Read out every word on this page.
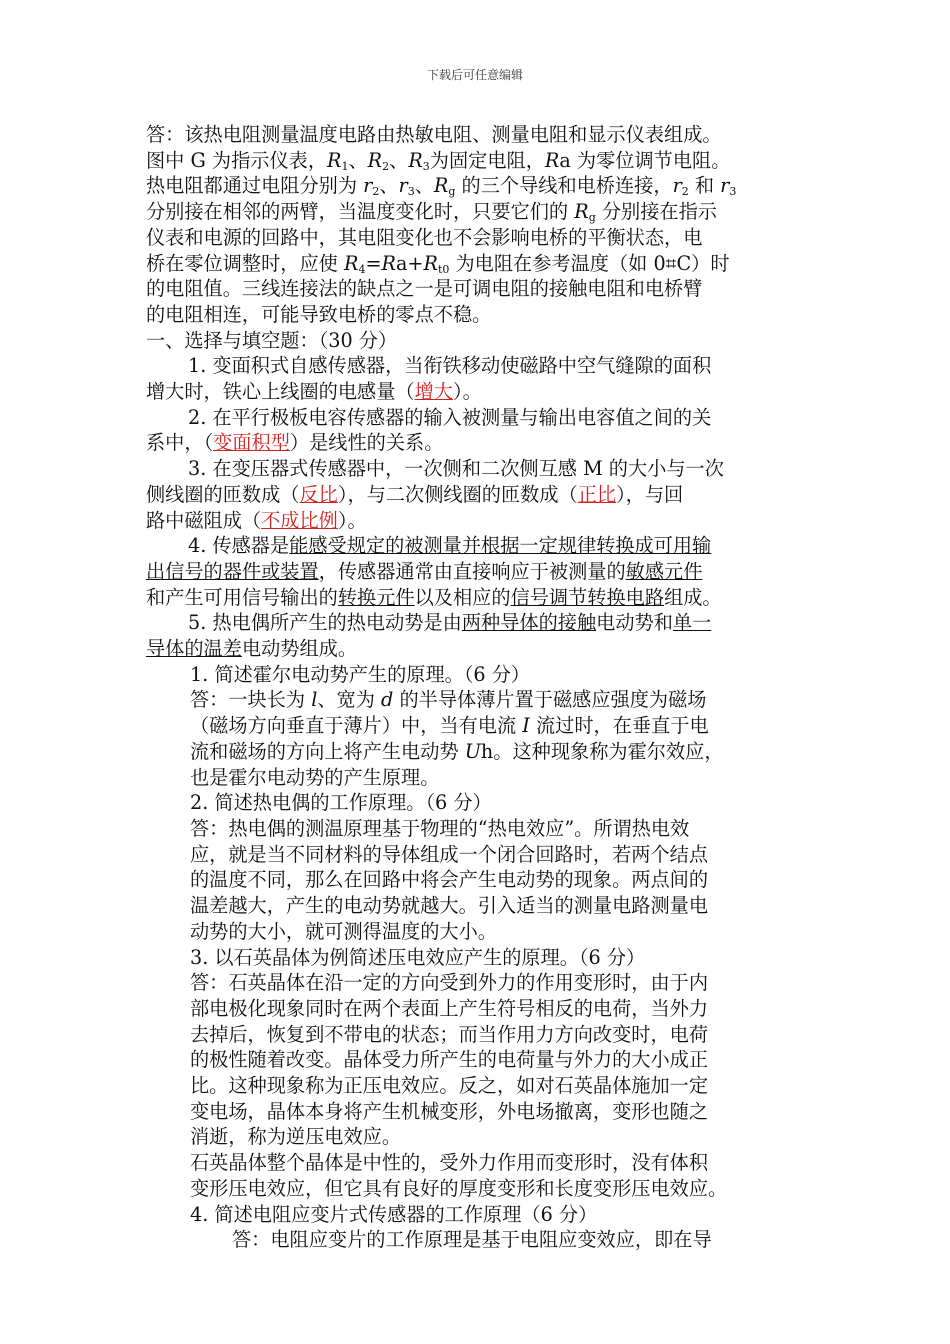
下载后可任意编辑
答：该热电阻测量温度电路由热敏电阻、测量电阻和显示仪表组成。
图中 G 为指示仪表，$R_1$、$R_2$、$R_3$为固定电阻，Ra 为零位调节电阻。
热电阻都通过电阻分别为 $r_2$、$r_3$、$R_g$ 的三个导线和电桥连接，$r_2$ 和 $r_3$
分别接在相邻的两臂，当温度变化时，只要它们的 $R_g$ 分别接在指示
仪表和电源的回路中，其电阻变化也不会影响电桥的平衡状态，电
桥在零位调整时，应使 $R_4=Ra+R_{t0}$ 为电阻在参考温度（如 0⌗C）时
的电阻值。三线连接法的缺点之一是可调电阻的接触电阻和电桥臂
的电阻相连，可能导致电桥的零点不稳。
一、选择与填空题：（30 分）
1. 变面积式自感传感器，当衔铁移动使磁路中空气缝隙的面积
增大时，铁心上线圈的电感量（增大）。
2. 在平行极板电容传感器的输入被测量与输出电容值之间的关
系中，（变面积型）是线性的关系。
3. 在变压器式传感器中，一次侧和二次侧互感 M 的大小与一次
侧线圈的匝数成（反比），与二次侧线圈的匝数成（正比），与回
路中磁阻成（不成比例）。
4. 传感器是能感受规定的被测量并根据一定规律转换成可用输
出信号的器件或装置，传感器通常由直接响应于被测量的敏感元件
和产生可用信号输出的转换元件以及相应的信号调节转换电路组成。
5. 热电偶所产生的热电动势是由两种导体的接触电动势和单一
导体的温差电动势组成。
1. 简述霍尔电动势产生的原理。（6 分）
答：一块长为 l、宽为 d 的半导体薄片置于磁感应强度为磁场
（磁场方向垂直于薄片）中，当有电流 I 流过时，在垂直于电
流和磁场的方向上将产生电动势 Uh。这种现象称为霍尔效应，
也是霍尔电动势的产生原理。
2. 简述热电偶的工作原理。（6 分）
答：热电偶的测温原理基于物理的“热电效应”。所谓热电效
应，就是当不同材料的导体组成一个闭合回路时，若两个结点
的温度不同，那么在回路中将会产生电动势的现象。两点间的
温差越大，产生的电动势就越大。引入适当的测量电路测量电
动势的大小，就可测得温度的大小。
3. 以石英晶体为例简述压电效应产生的原理。（6 分）
答：石英晶体在沿一定的方向受到外力的作用变形时，由于内
部电极化现象同时在两个表面上产生符号相反的电荷，当外力
去掉后，恢复到不带电的状态；而当作用力方向改变时，电荷
的极性随着改变。晶体受力所产生的电荷量与外力的大小成正
比。这种现象称为正压电效应。反之，如对石英晶体施加一定
变电场，晶体本身将产生机械变形，外电场撤离，变形也随之
消逝，称为逆压电效应。
石英晶体整个晶体是中性的，受外力作用而变形时，没有体积
变形压电效应，但它具有良好的厚度变形和长度变形压电效应。
4. 简述电阻应变片式传感器的工作原理（6 分）
答：电阻应变片的工作原理是基于电阻应变效应，即在导
